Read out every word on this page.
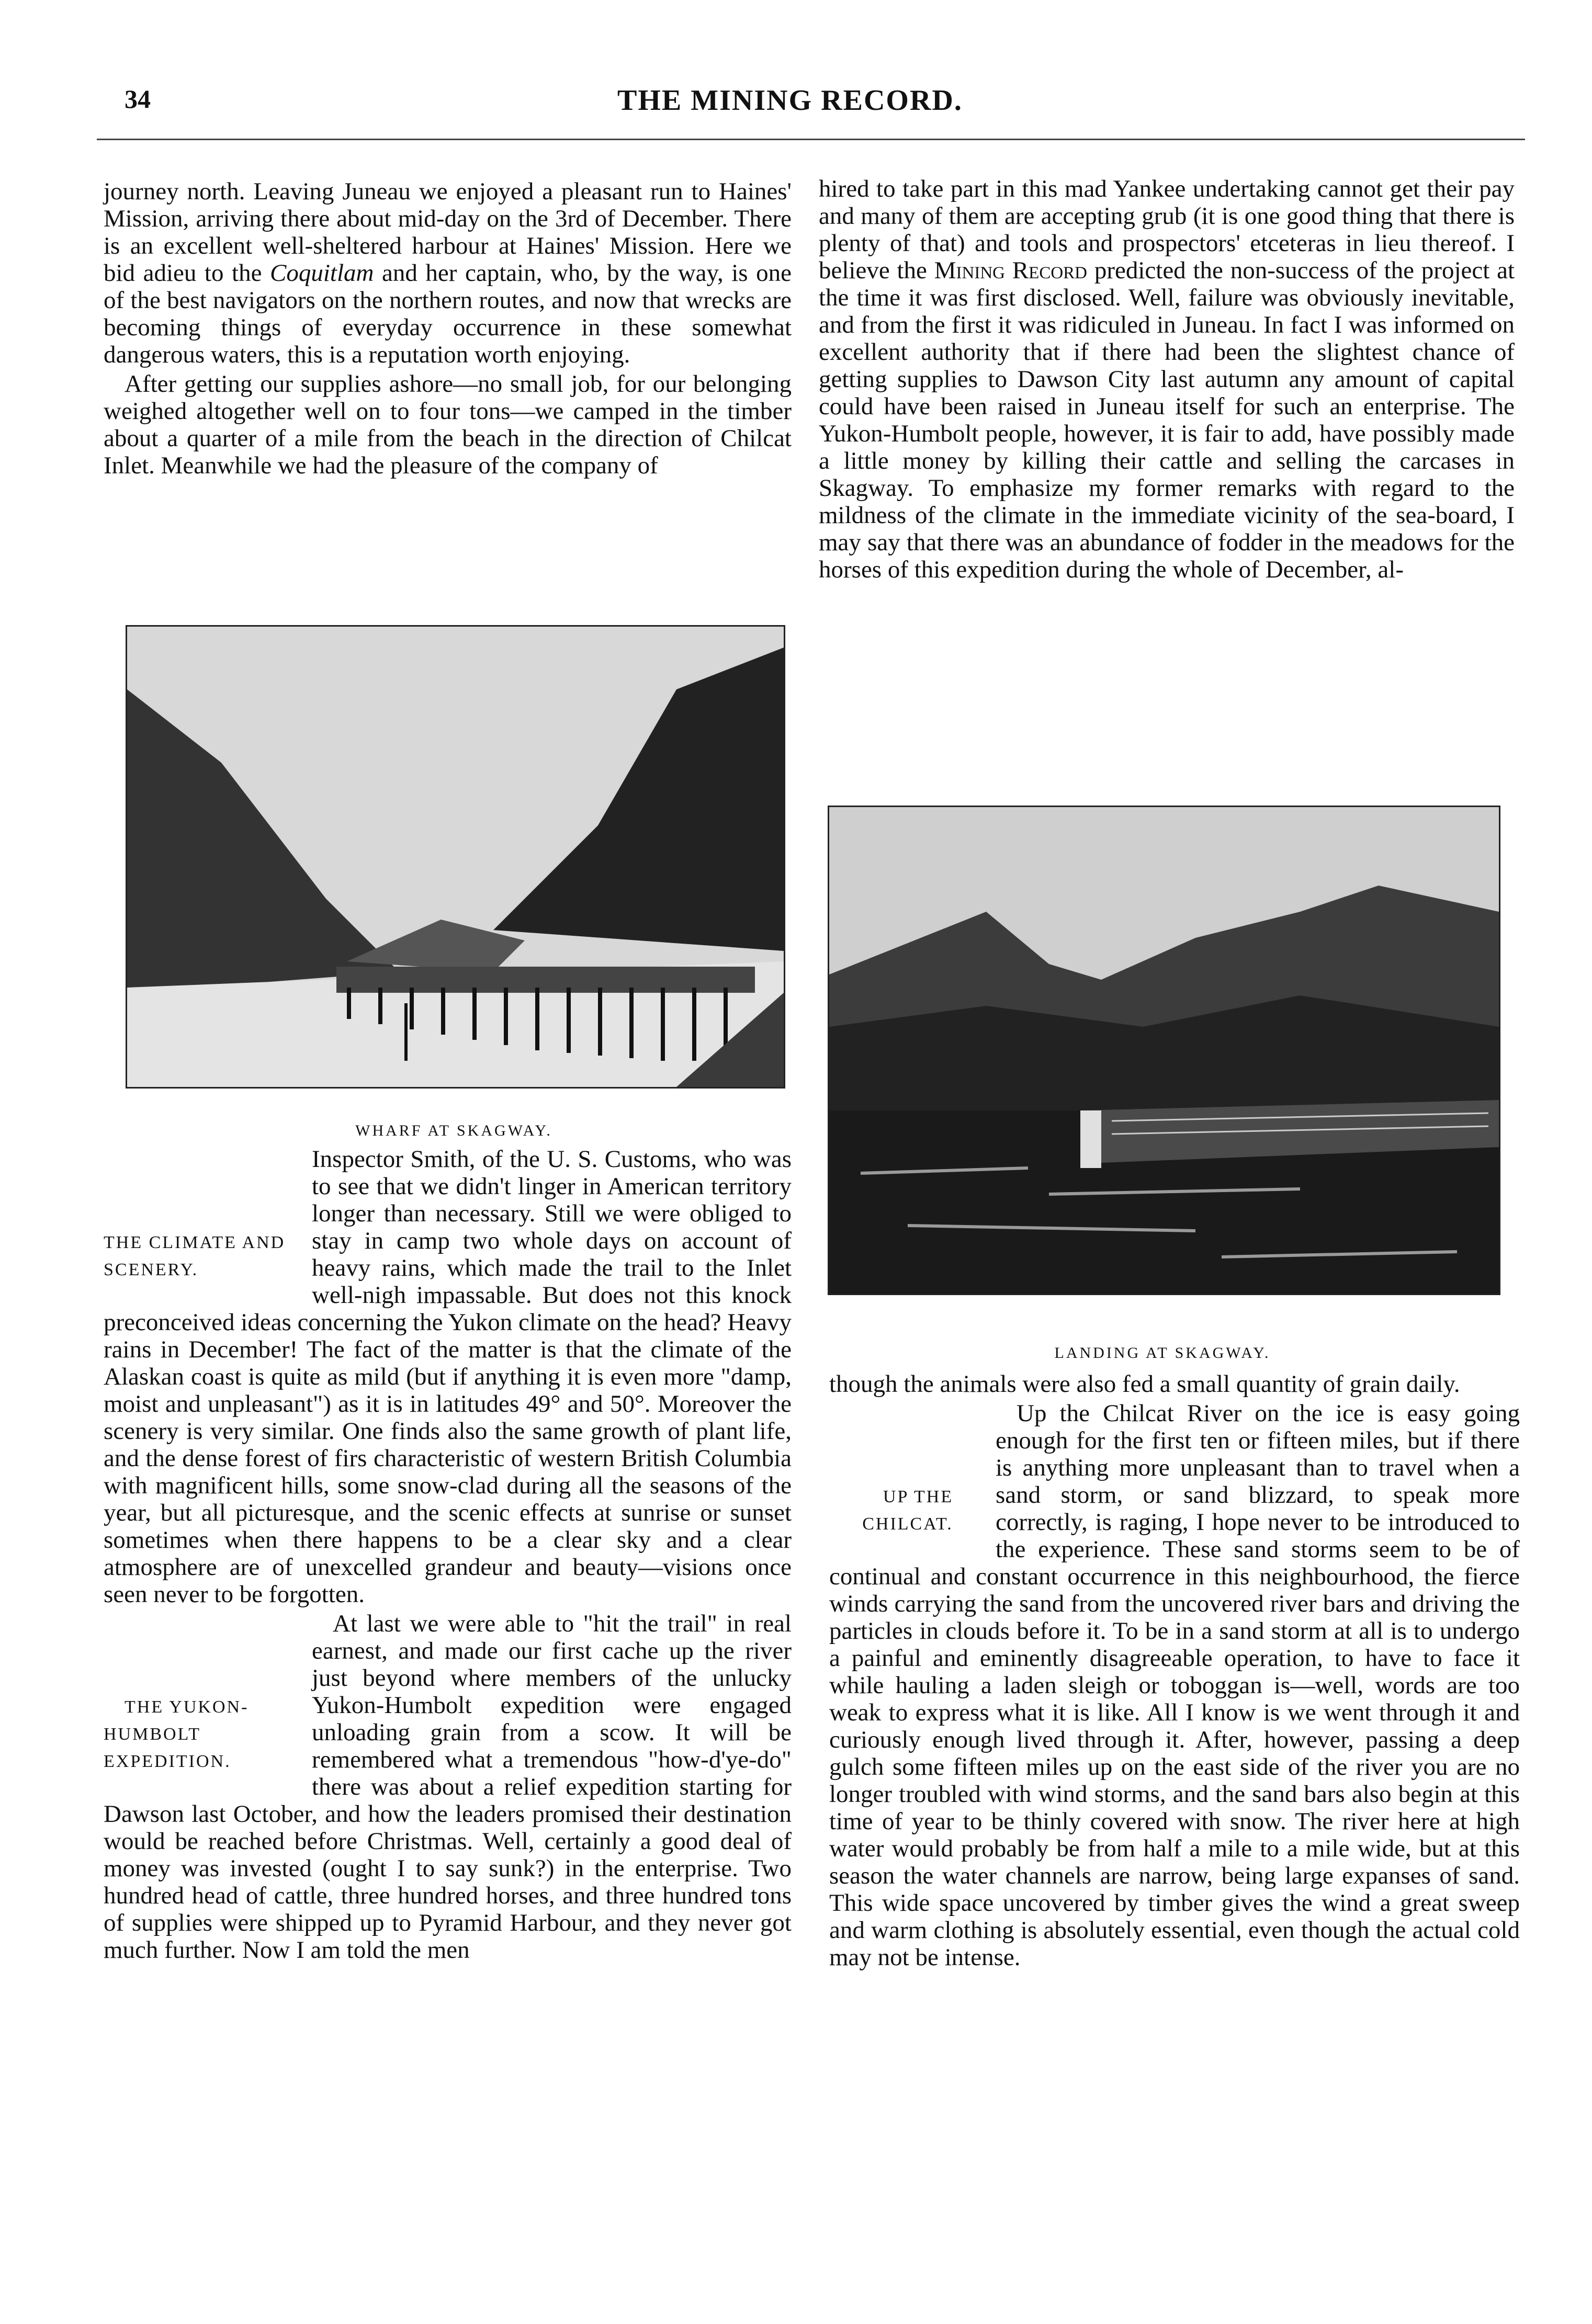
34	THE MINING RECORD.

journey north. Leaving Juneau we enjoyed a pleasant run to Haines' Mission, arriving there about mid-day on the 3rd of December. There is an excellent well-sheltered harbour at Haines' Mission. Here we bid adieu to the Coquitlam and her captain, who, by the way, is one of the best navigators on the northern routes, and now that wrecks are becoming things of everyday occurrence in these somewhat dangerous waters, this is a reputation worth enjoying.

After getting our supplies ashore—no small job, for our belonging weighed altogether well on to four tons—we camped in the timber about a quarter of a mile from the beach in the direction of Chilcat Inlet. Meanwhile we had the pleasure of the company of

WHARF AT SKAGWAY.

THE CLIMATE AND SCENERY.
Inspector Smith, of the U. S. Customs, who was to see that we didn't linger in American territory longer than necessary. Still we were obliged to stay in camp two whole days on account of heavy rains, which made the trail to the Inlet well-nigh impassable. But does not this knock preconceived ideas concerning the Yukon climate on the head? Heavy rains in December! The fact of the matter is that the climate of the Alaskan coast is quite as mild (but if anything it is even more "damp, moist and unpleasant") as it is in latitudes 49° and 50°. Moreover the scenery is very similar. One finds also the same growth of plant life, and the dense forest of firs characteristic of western British Columbia with magnificent hills, some snow-clad during all the seasons of the year, but all picturesque, and the scenic effects at sunrise or sunset sometimes when there happens to be a clear sky and a clear atmosphere are of unexcelled grandeur and beauty—visions once seen never to be forgotten.

THE YUKON-HUMBOLT EXPEDITION.
At last we were able to "hit the trail" in real earnest, and made our first cache up the river just beyond where members of the unlucky Yukon-Humbolt expedition were engaged unloading grain from a scow. It will be remembered what a tremendous "how-d'ye-do" there was about a relief expedition starting for Dawson last October, and how the leaders promised their destination would be reached before Christmas. Well, certainly a good deal of money was invested (ought I to say sunk?) in the enterprise. Two hundred head of cattle, three hundred horses, and three hundred tons of supplies were shipped up to Pyramid Harbour, and they never got much further. Now I am told the men

hired to take part in this mad Yankee undertaking cannot get their pay and many of them are accepting grub (it is one good thing that there is plenty of that) and tools and prospectors' etceteras in lieu thereof. I believe the Mining Record predicted the non-success of the project at the time it was first disclosed. Well, failure was obviously inevitable, and from the first it was ridiculed in Juneau. In fact I was informed on excellent authority that if there had been the slightest chance of getting supplies to Dawson City last autumn any amount of capital could have been raised in Juneau itself for such an enterprise. The Yukon-Humbolt people, however, it is fair to add, have possibly made a little money by killing their cattle and selling the carcases in Skagway. To emphasize my former remarks with regard to the mildness of the climate in the immediate vicinity of the sea-board, I may say that there was an abundance of fodder in the meadows for the horses of this expedition during the whole of December, al-

LANDING AT SKAGWAY.

though the animals were also fed a small quantity of grain daily.

UP THE CHILCAT.
Up the Chilcat River on the ice is easy going enough for the first ten or fifteen miles, but if there is anything more unpleasant than to travel when a sand storm, or sand blizzard, to speak more correctly, is raging, I hope never to be introduced to the experience. These sand storms seem to be of continual and constant occurrence in this neighbourhood, the fierce winds carrying the sand from the uncovered river bars and driving the particles in clouds before it. To be in a sand storm at all is to undergo a painful and eminently disagreeable operation, to have to face it while hauling a laden sleigh or toboggan is—well, words are too weak to express what it is like. All I know is we went through it and curiously enough lived through it. After, however, passing a deep gulch some fifteen miles up on the east side of the river you are no longer troubled with wind storms, and the sand bars also begin at this time of year to be thinly covered with snow. The river here at high water would probably be from half a mile to a mile wide, but at this season the water channels are narrow, being large expanses of sand. This wide space uncovered by timber gives the wind a great sweep and warm clothing is absolutely essential, even though the actual cold may not be intense.
